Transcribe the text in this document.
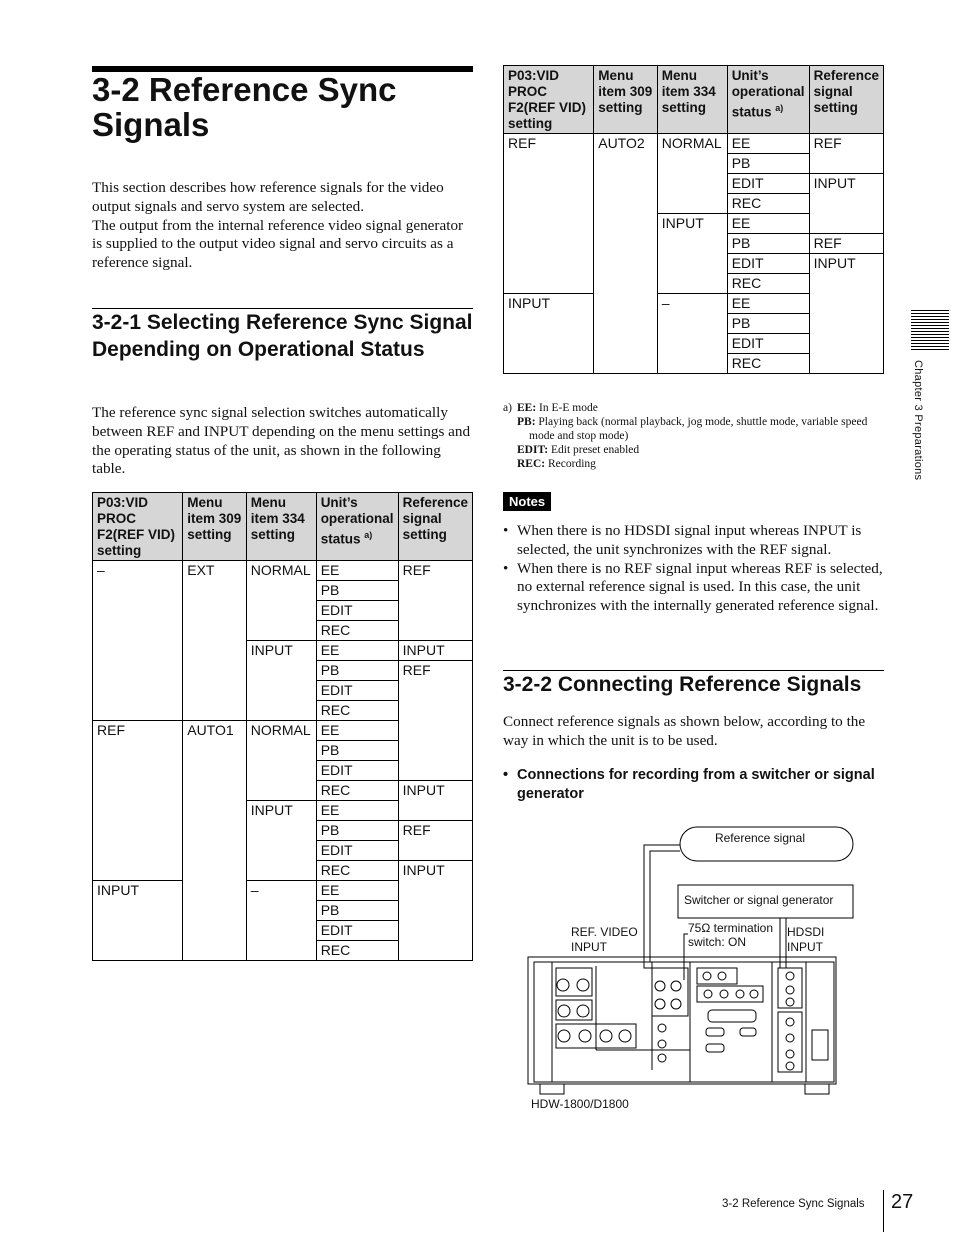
3-2 Reference Sync Signals

This section describes how reference signals for the video output signals and servo system are selected.

The output from the internal reference video signal generator is supplied to the output video signal and servo circuits as a reference signal.

3-2-1 Selecting Reference Sync Signal Depending on Operational Status

The reference sync signal selection switches automatically between REF and INPUT depending on the menu settings and the operating status of the unit, as shown in the following table.

P03:VID PROC F2(REF VID) setting	Menu item 309 setting	Menu item 334 setting	Unit’s operational status $^{a)}$	Reference signal setting
–	EXT	NORMAL	EE	REF
			PB	
			EDIT	
			REC	
		INPUT	EE	INPUT
			PB	REF
			EDIT	
			REC	
REF	AUTO1	NORMAL	EE	
			PB	
			EDIT	
			REC	INPUT
		INPUT	EE	
			PB	REF
			EDIT	
			REC	INPUT
INPUT		–	EE	
			PB	
			EDIT	
			REC	
P03:VID PROC F2(REF VID) setting	Menu item 309 setting	Menu item 334 setting	Unit’s operational status $^{a)}$	Reference signal setting
REF	AUTO2	NORMAL	EE	REF
			PB	
			EDIT	INPUT
			REC	
		INPUT	EE	
			PB	REF
			EDIT	INPUT
			REC	
INPUT		–	EE	
			PB	
			EDIT	
			REC	
a) EE: In E-E mode
PB: Playing back (normal playback, jog mode, shuttle mode, variable speed mode and stop mode)
EDIT: Edit preset enabled
REC: Recording
Notes
• When there is no HDSDI signal input whereas INPUT is selected, the unit synchronizes with the REF signal.
• When there is no REF signal input whereas REF is selected, no external reference signal is used. In this case, the unit synchronizes with the internally generated reference signal.
3-2-2 Connecting Reference Signals

Connect reference signals as shown below, according to the way in which the unit is to be used.

• Connections for recording from a switcher or signal generator
Reference signal
Switcher or signal generator
REF. VIDEO
INPUT
75Ω termination
switch: ON
HDSDI
INPUT
HDW-1800/D1800
Chapter 3 Preparations
3-2 Reference Sync Signals 27
